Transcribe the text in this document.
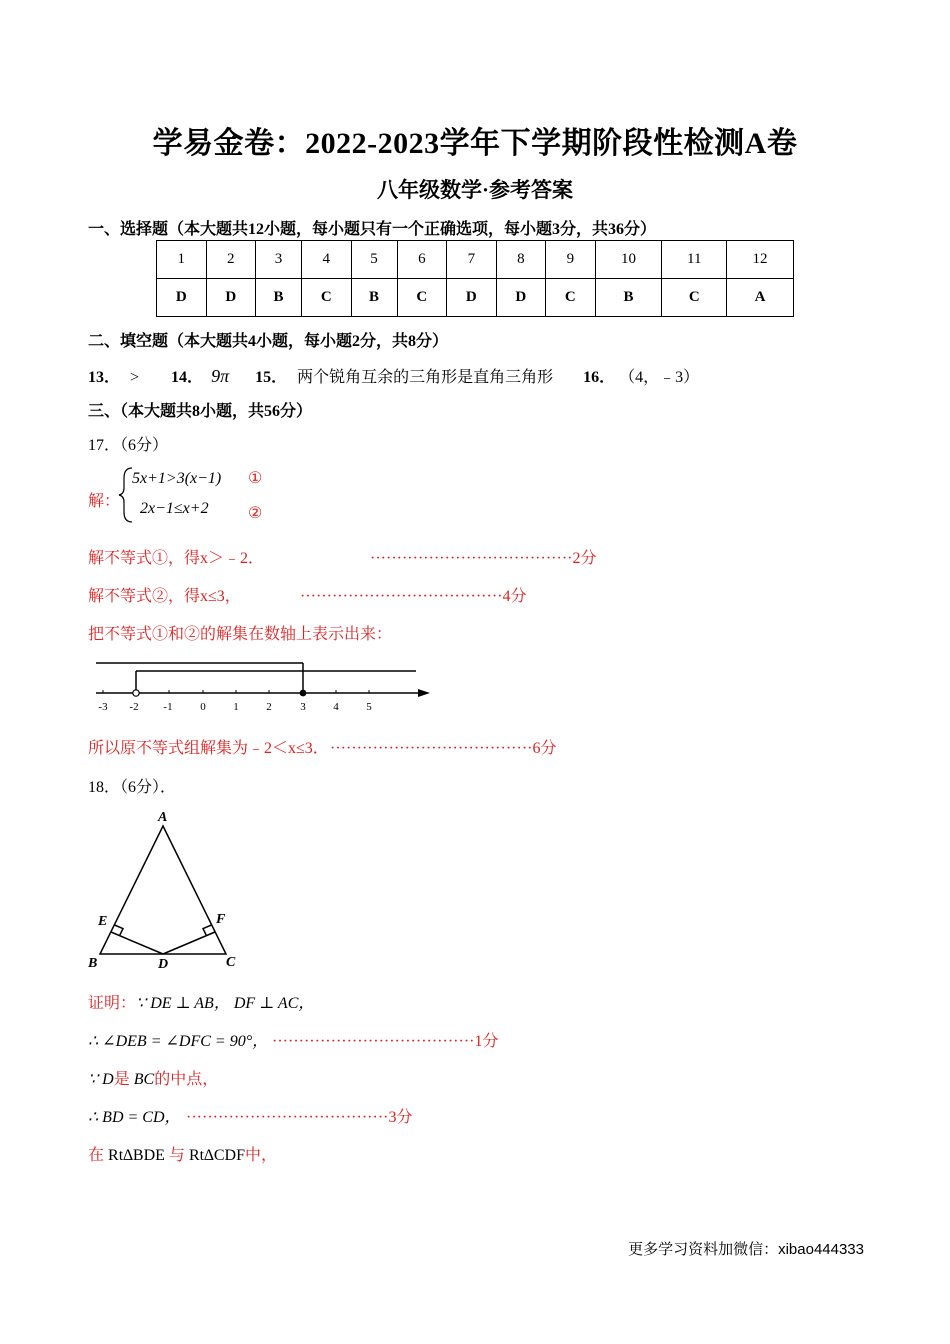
学易金卷：2022-2023学年下学期阶段性检测A卷
八年级数学·参考答案
一、选择题（本大题共12小题，每小题只有一个正确选项，每小题3分，共36分）
1	2	3	4	5	6	7	8	9	10	11	12
D	D	B	C	B	C	D	D	C	B	C	A
二、填空题（本大题共4小题，每小题2分，共8分）
13． > 14． 9π 15． 两个锐角互余的三角形是直角三角形 16． （4，﹣3）
三、（本大题共8小题，共56分）
17．（6分）
解：
5x+1>3(x−1)
2x−1≤x+2
①
②
解不等式①，得x＞﹣2．	······································2分
解不等式②，得x≤3，	······································4分
把不等式①和②的解集在数轴上表示出来：
-3 -2 -1	0	1	2	3	4	5
所以原不等式组解集为﹣2＜x≤3． ······································6分
18．（6分）．
A
B	C
D
E	F
证明：∵ DE ⊥ AB， DF ⊥ AC，
∴ ∠DEB = ∠DFC = 90°， ······································1分
∵ D是 BC的中点，
∴ BD = CD， ······································3分
在 Rt∆BDE 与 Rt∆CDF中，
更多学习资料加微信：xibao444333
